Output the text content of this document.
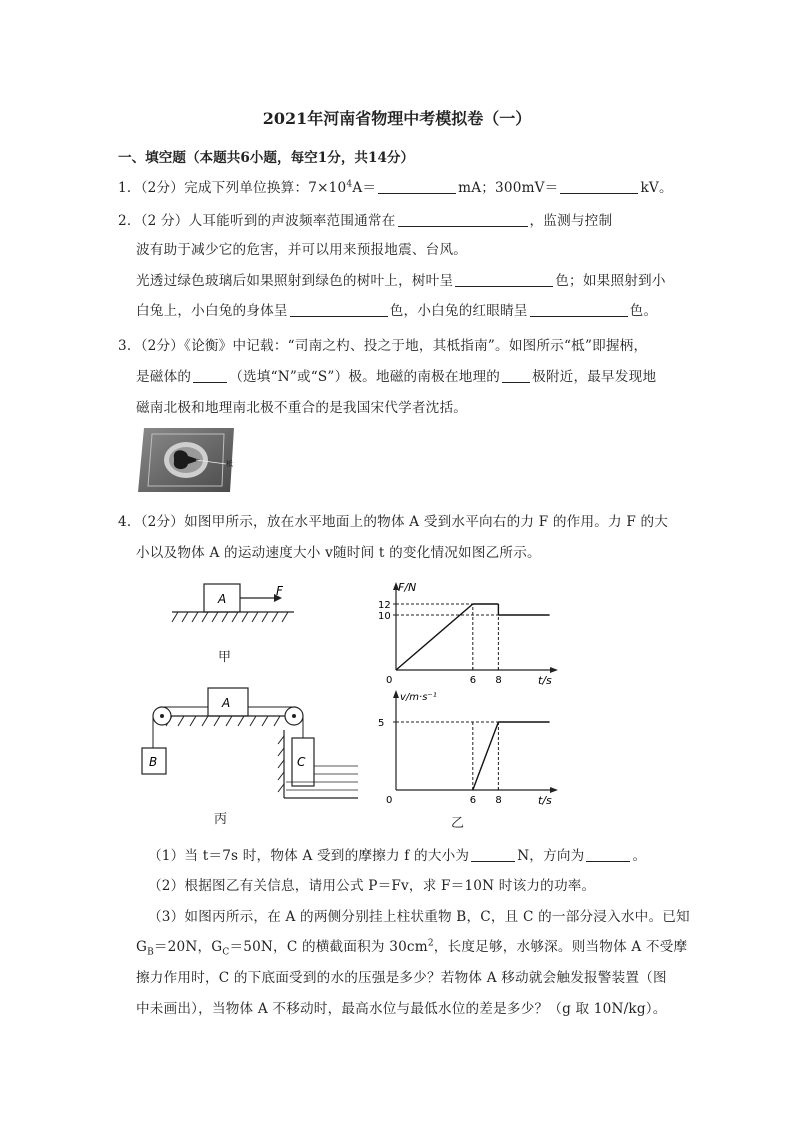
2021年河南省物理中考模拟卷（一）
一、填空题（本题共6小题，每空1分，共14分）
1．（2分）完成下列单位换算：$7\times 10^4A=$	mA；300mV＝	kV。
2．（2 分）人耳能听到的声波频率范围通常在	，监测与控制
波有助于减少它的危害，并可以用来预报地震、台风。
光透过绿色玻璃后如果照射到绿色的树叶上，树叶呈	色；如果照射到小
白兔上，小白兔的身体呈	色，小白兔的红眼睛呈	色。
3．（2分）《论衡》中记载：“司南之杓、投之于地，其柢指南”。如图所示“柢”即握柄，
是磁体的	（选填“N”或“S”）极。地磁的南极在地理的 极附近，最早发现地
磁南北极和地理南北极不重合的是我国宋代学者沈括。
柢
4．（2分）如图甲所示，放在水平地面上的物体 A 受到水平向右的力 F 的作用。力 F 的大
小以及物体 A 的运动速度大小 v随时间 t 的变化情况如图乙所示。
A
F
甲
A
B	C
丙
F/N
t/s
0	6 8
10
12
v/m·s⁻¹
t/s
0	6 8
5
乙
（1）当 t＝7s 时，物体 A 受到的摩擦力 f 的大小为	N，方向为	。
（2）根据图乙有关信息，请用公式 P＝Fv，求 F＝10N 时该力的功率。
（3）如图丙所示，在 A 的两侧分别挂上柱状重物 B，C，且 C 的一部分浸入水中。已知
$G_B=20N$，$G_C=50N$，C 的横截面积为 $30cm^2$，长度足够，水够深。则当物体 A 不受摩
擦力作用时，C 的下底面受到的水的压强是多少？若物体 A 移动就会触发报警装置（图
中未画出），当物体 A 不移动时，最高水位与最低水位的差是多少？（g 取 10N/kg）。
